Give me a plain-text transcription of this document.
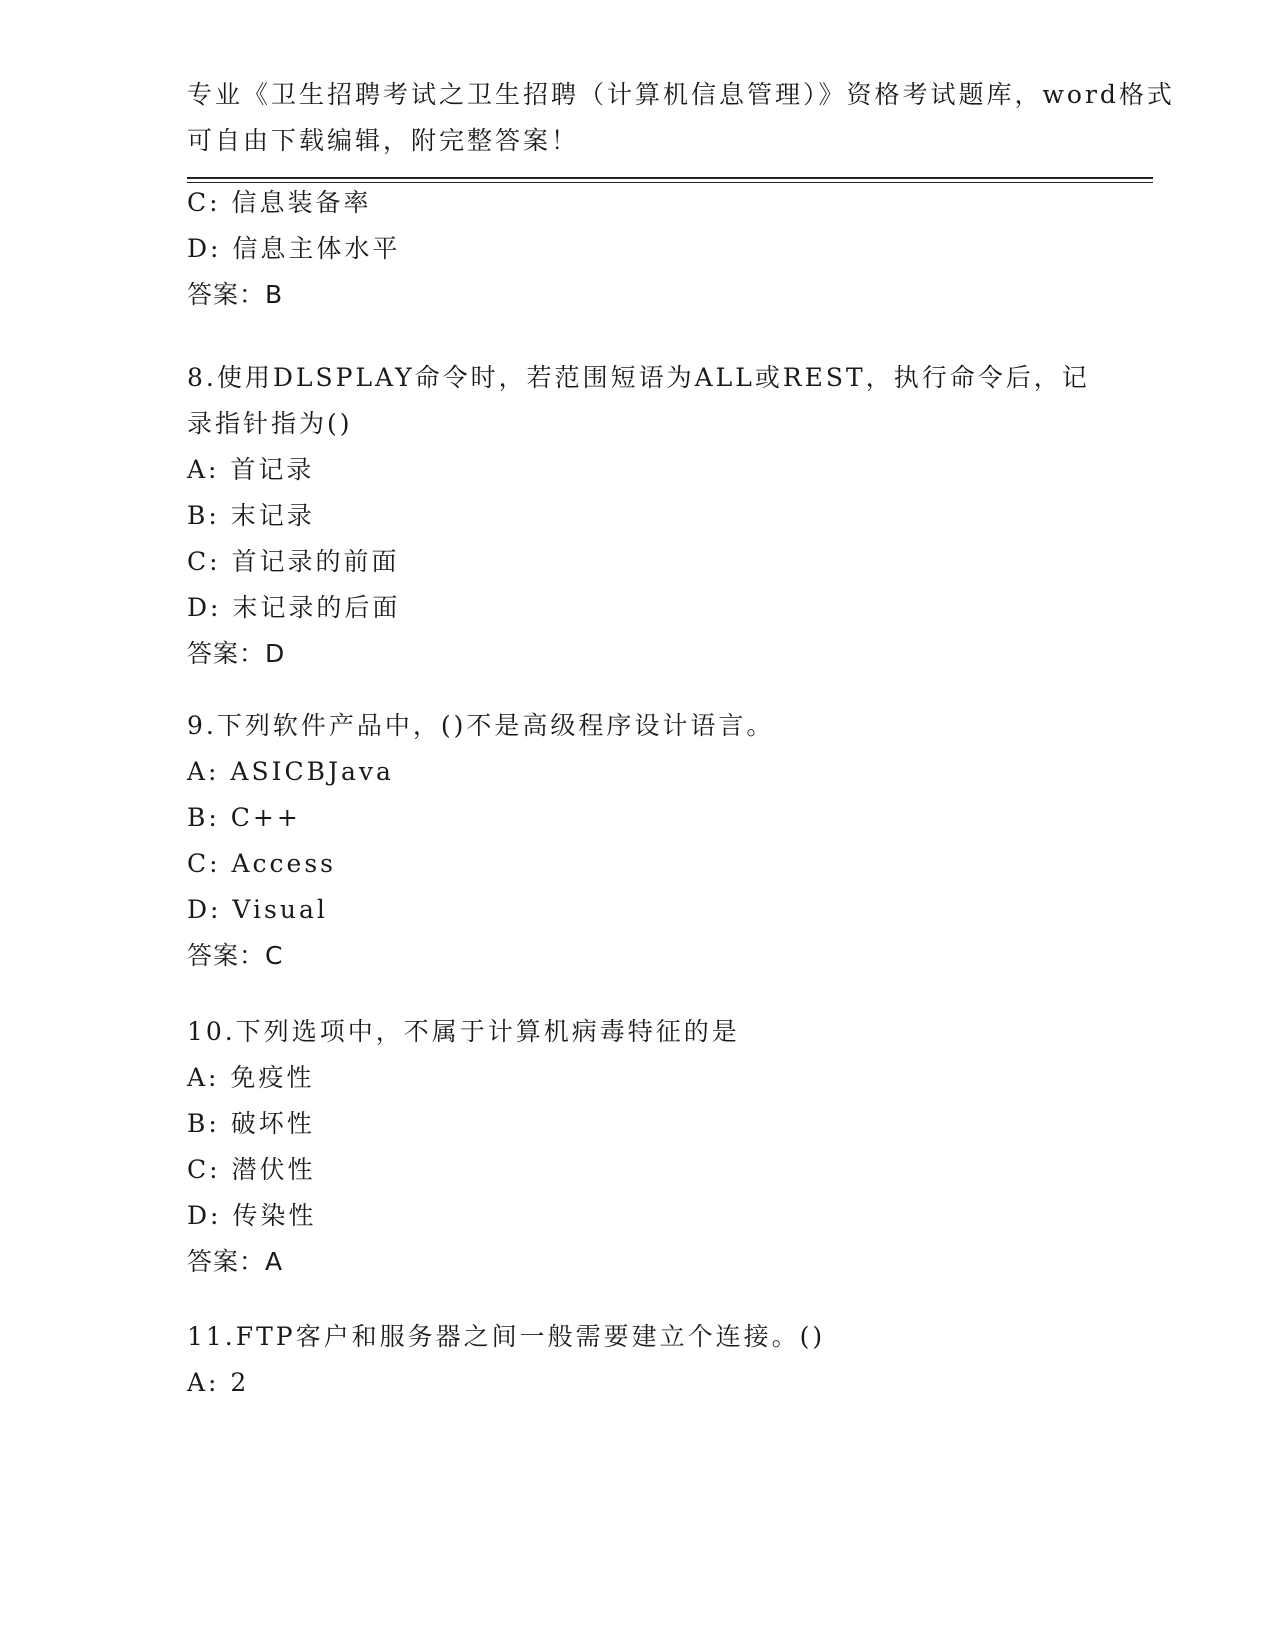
专业《卫生招聘考试之卫生招聘（计算机信息管理）》资格考试题库，word格式
可自由下载编辑，附完整答案！
C: 信息装备率
D: 信息主体水平
答案：B
8.使用DLSPLAY命令时，若范围短语为ALL或REST，执行命令后，记
录指针指为()
A: 首记录
B: 末记录
C: 首记录的前面
D: 末记录的后面
答案：D
9.下列软件产品中，()不是高级程序设计语言。
A: ASICBJava
B: C++
C: Access
D: Visual
答案：C
10.下列选项中，不属于计算机病毒特征的是
A: 免疫性
B: 破坏性
C: 潜伏性
D: 传染性
答案：A
11.FTP客户和服务器之间一般需要建立个连接。()
A: 2
